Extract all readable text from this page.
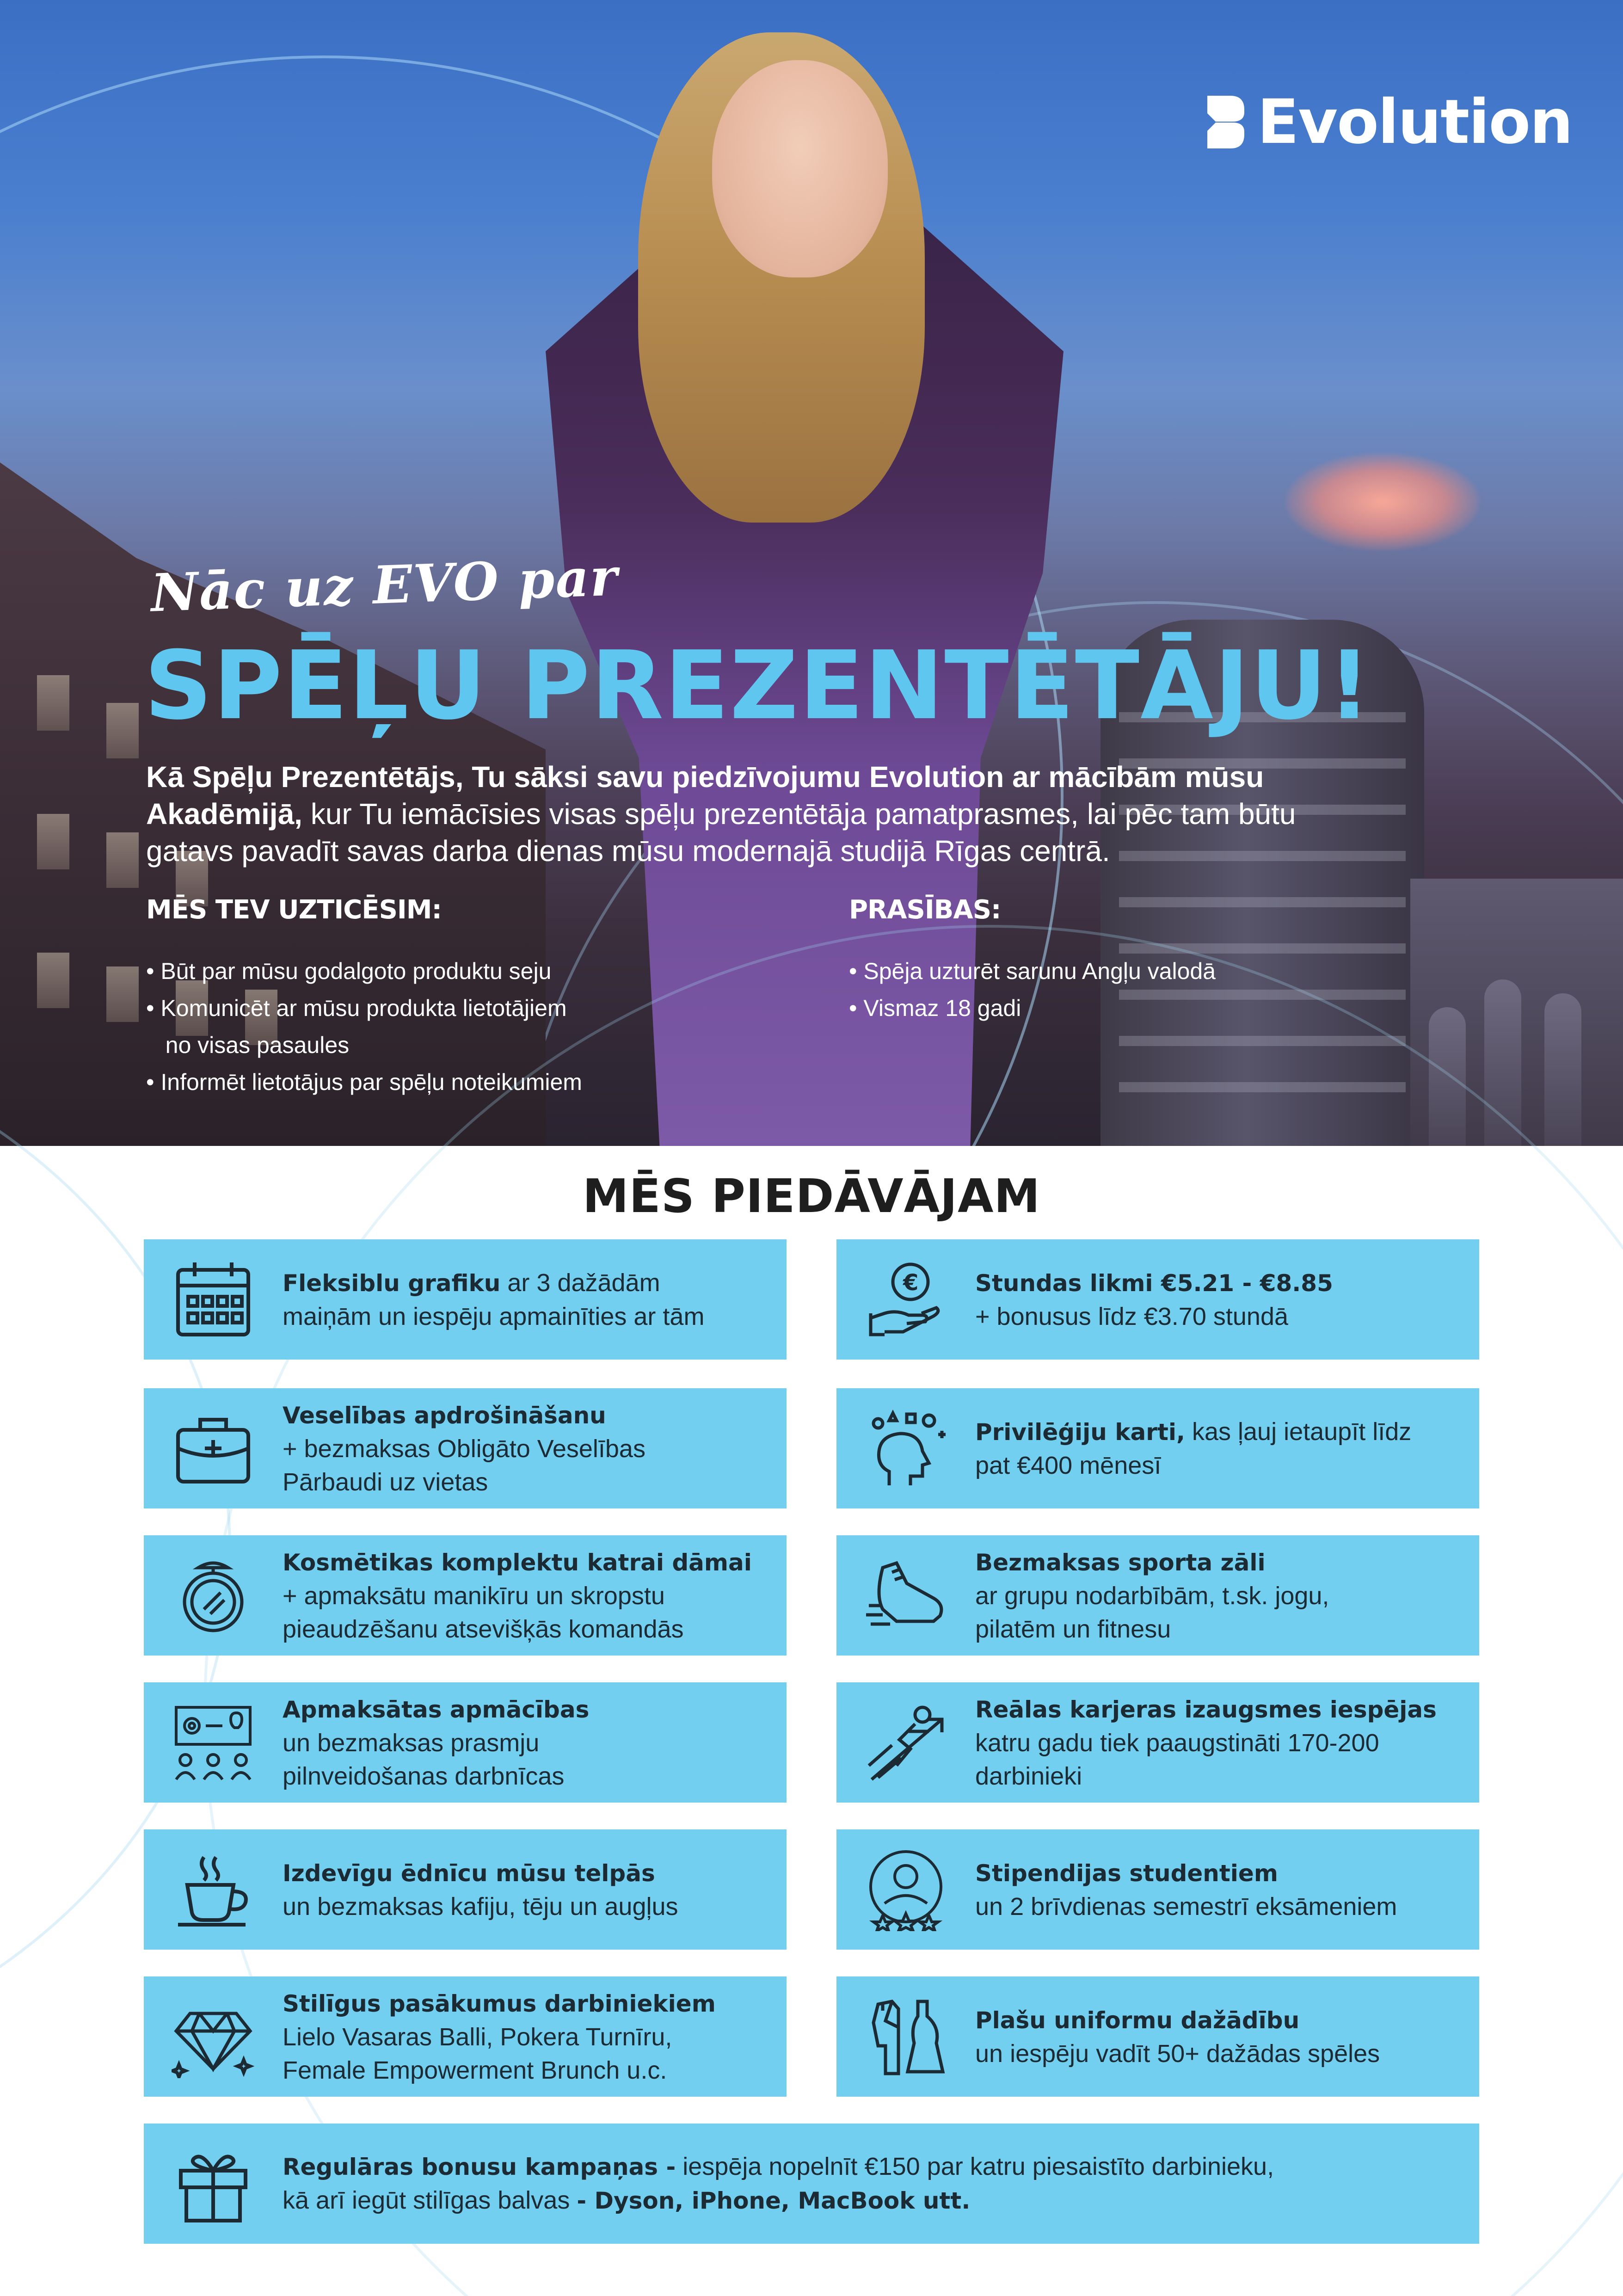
Evolution
Nāc uz EVO par
SPĒĻU PREZENTĒTĀJU!

Kā Spēļu Prezentētājs, Tu sāksi savu piedzīvojumu Evolution ar mācībām mūsu
Akadēmijā, kur Tu iemācīsies visas spēļu prezentētāja pamatprasmes, lai pēc tam būtu gatavs pavadīt savas darba dienas mūsu modernajā studijā Rīgas centrā.

MĒS TEV UZTICĒSIM:
• Būt par mūsu godalgoto produktu seju
• Komunicēt ar mūsu produkta lietotājiem
no visas pasaules
• Informēt lietotājus par spēļu noteikumiem
PRASĪBAS:
• Spēja uzturēt sarunu Angļu valodā
• Vismaz 18 gadi
MĒS PIEDĀVĀJAM
Fleksiblu grafiku ar 3 dažādām
maiņām un iespēju apmainīties ar tām
€ Stundas likmi €5.21 - €8.85
+ bonusus līdz €3.70 stundā
Veselības apdrošināšanu
+ bezmaksas Obligāto Veselības
Pārbaudi uz vietas
Privilēģiju karti, kas ļauj ietaupīt līdz
pat €400 mēnesī
Kosmētikas komplektu katrai dāmai
+ apmaksātu manikīru un skropstu
pieaudzēšanu atsevišķās komandās
Bezmaksas sporta zāli
ar grupu nodarbībām, t.sk. jogu,
pilatēm un fitnesu
Apmaksātas apmācības
un bezmaksas prasmju
pilnveidošanas darbnīcas
Reālas karjeras izaugsmes iespējas
katru gadu tiek paaugstināti 170-200
darbinieki
Izdevīgu ēdnīcu mūsu telpās
un bezmaksas kafiju, tēju un augļus
Stipendijas studentiem
un 2 brīvdienas semestrī eksāmeniem
Stilīgus pasākumus darbiniekiem
Lielo Vasaras Balli, Pokera Turnīru,
Female Empowerment Brunch u.c.
Plašu uniformu dažādību
un iespēju vadīt 50+ dažādas spēles
Regulāras bonusu kampaņas - iespēja nopelnīt €150 par katru piesaistīto darbinieku,
kā arī iegūt stilīgas balvas - Dyson, iPhone, MacBook utt.
